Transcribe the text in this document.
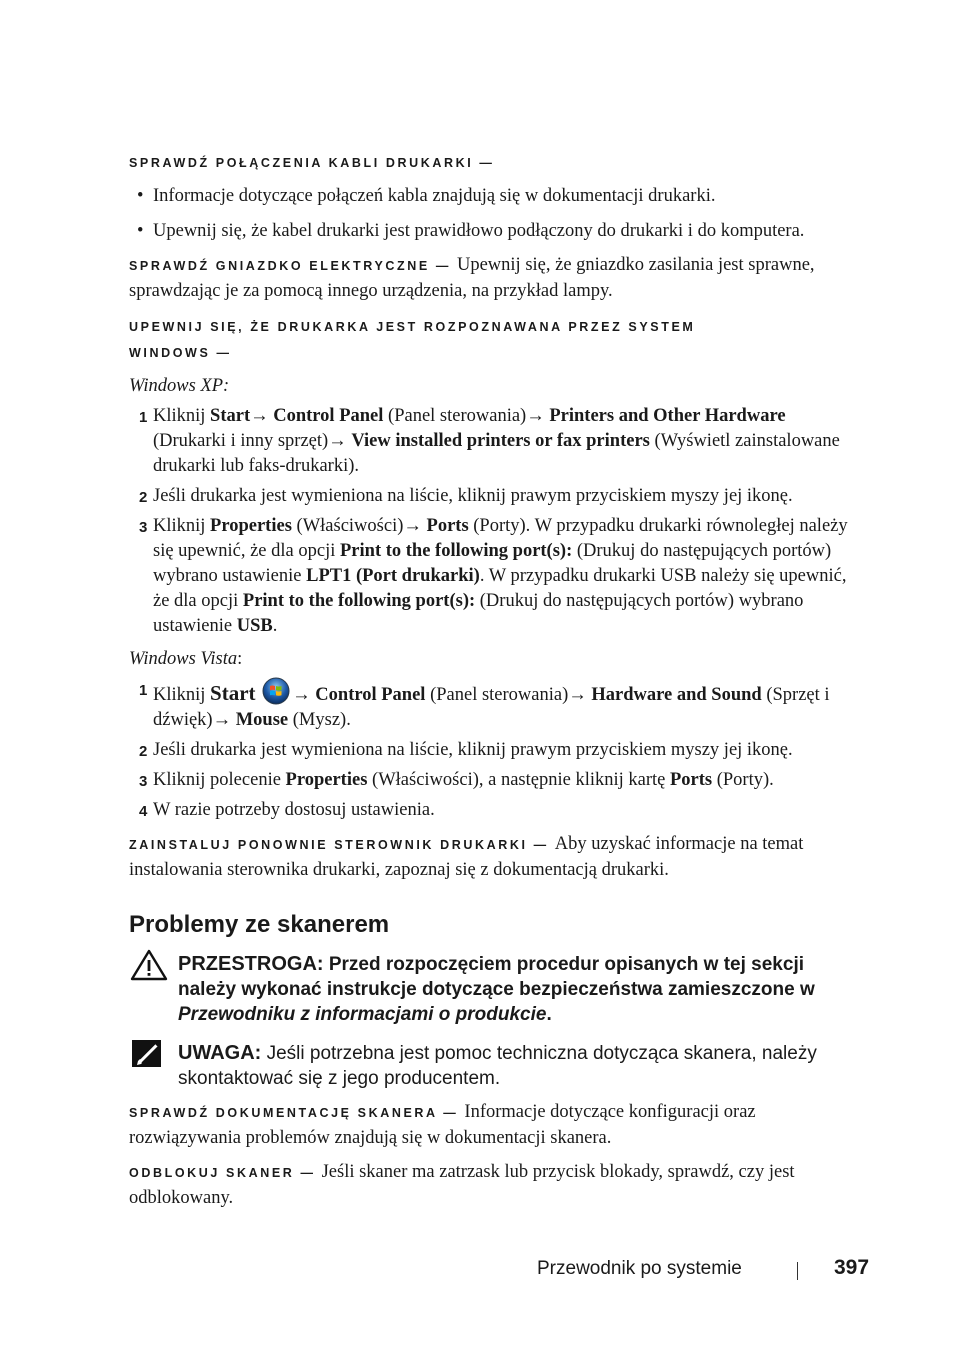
SPRAWDŹ POŁĄCZENIA KABLI DRUKARKI —

• Informacje dotyczące połączeń kabla znajdują się w dokumentacji drukarki.
• Upewnij się, że kabel drukarki jest prawidłowo podłączony do drukarki i do komputera.

SPRAWDŹ GNIAZDKO ELEKTRYCZNE — Upewnij się, że gniazdko zasilania jest sprawne, sprawdzając je za pomocą innego urządzenia, na przykład lampy.

UPEWNIJ SIĘ, ŻE DRUKARKA JEST ROZPOZNAWANA PRZEZ SYSTEM
WINDOWS —

Windows XP:

1 Kliknij Start→ Control Panel (Panel sterowania)→ Printers and Other Hardware (Drukarki i inny sprzęt)→ View installed printers or fax printers (Wyświetl zainstalowane drukarki lub faks-drukarki).
2 Jeśli drukarka jest wymieniona na liście, kliknij prawym przyciskiem myszy jej ikonę.
3 Kliknij Properties (Właściwości)→ Ports (Porty). W przypadku drukarki równoległej należy się upewnić, że dla opcji Print to the following port(s): (Drukuj do następujących portów) wybrano ustawienie LPT1 (Port drukarki). W przypadku drukarki USB należy się upewnić, że dla opcji Print to the following port(s): (Drukuj do następujących portów) wybrano ustawienie USB.

Windows Vista:

1 Kliknij Start → Control Panel (Panel sterowania)→ Hardware and Sound (Sprzęt i dźwięk)→ Mouse (Mysz).
2 Jeśli drukarka jest wymieniona na liście, kliknij prawym przyciskiem myszy jej ikonę.
3 Kliknij polecenie Properties (Właściwości), a następnie kliknij kartę Ports (Porty).
4 W razie potrzeby dostosuj ustawienia.

ZAINSTALUJ PONOWNIE STEROWNIK DRUKARKI — Aby uzyskać informacje na temat instalowania sterownika drukarki, zapoznaj się z dokumentacją drukarki.

Problemy ze skanerem
PRZESTROGA: Przed rozpoczęciem procedur opisanych w tej sekcji należy wykonać instrukcje dotyczące bezpieczeństwa zamieszczone w Przewodniku z informacjami o produkcie.
UWAGA: Jeśli potrzebna jest pomoc techniczna dotycząca skanera, należy skontaktować się z jego producentem.

SPRAWDŹ DOKUMENTACJĘ SKANERA — Informacje dotyczące konfiguracji oraz rozwiązywania problemów znajdują się w dokumentacji skanera.

ODBLOKUJ SKANER — Jeśli skaner ma zatrzask lub przycisk blokady, sprawdź, czy jest odblokowany.

Przewodnik po systemie	397
